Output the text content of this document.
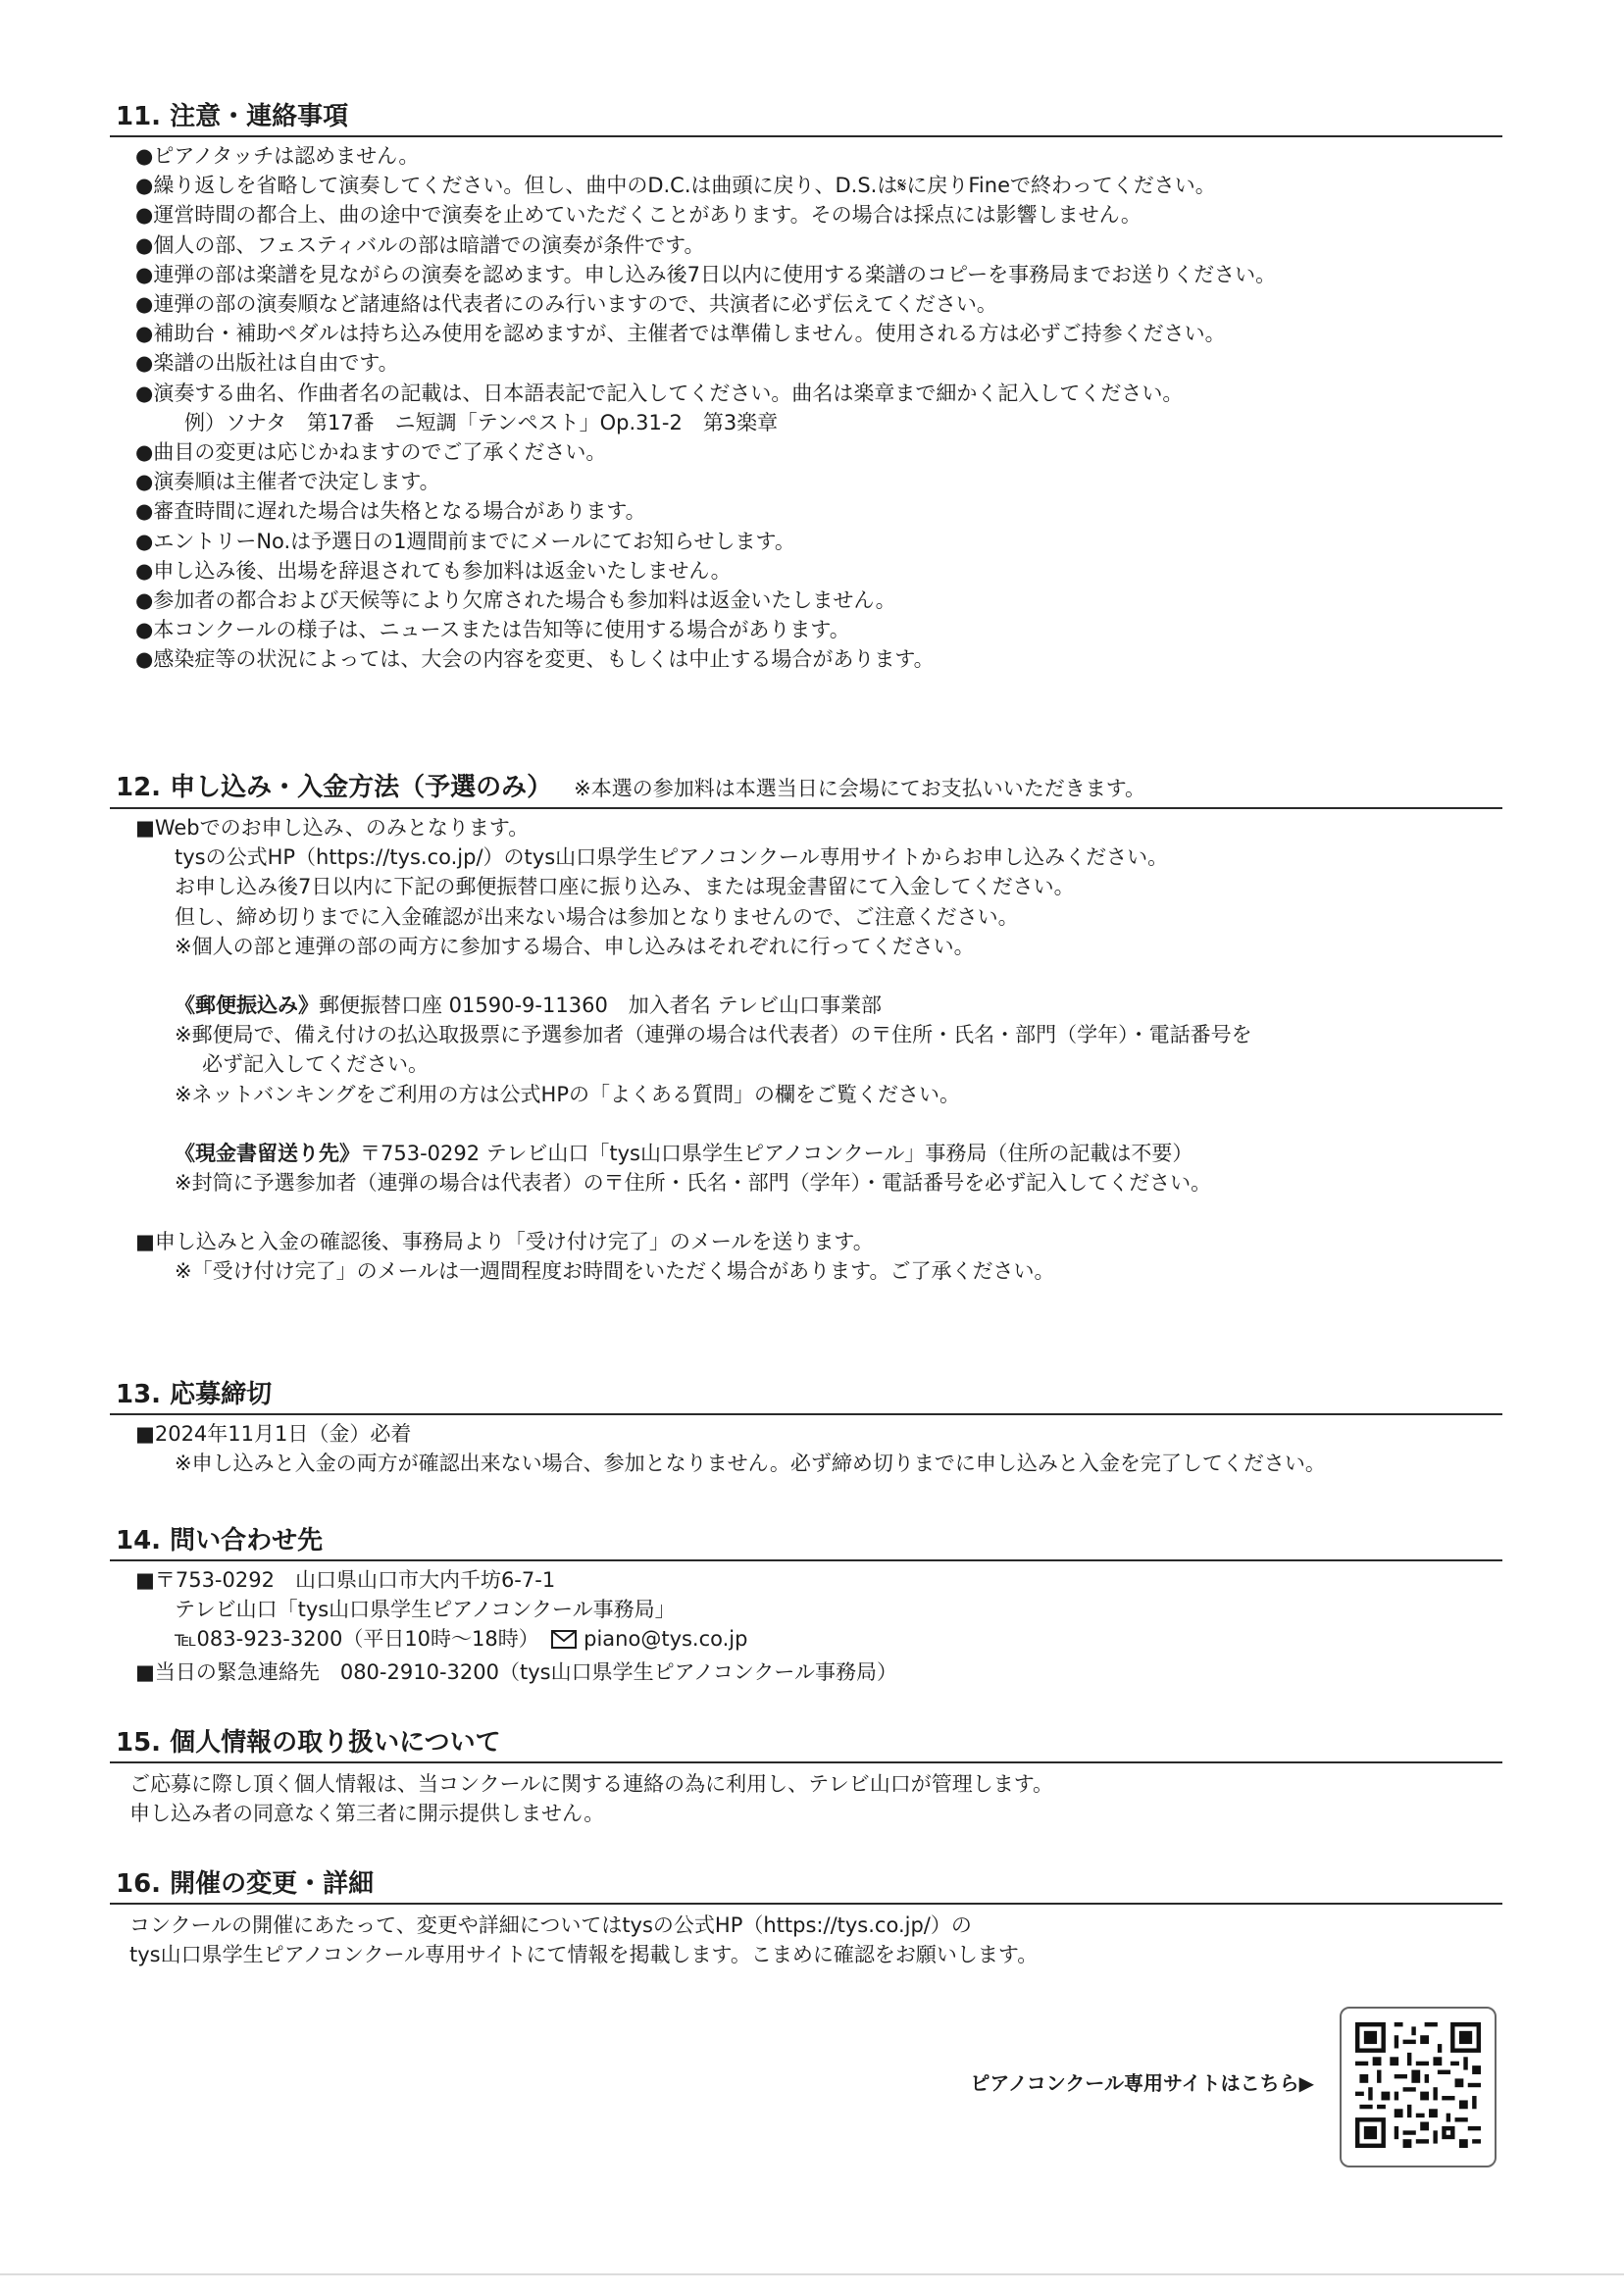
11. 注意・連絡事項
●ピアノタッチは認めません。
●繰り返しを省略して演奏してください。但し、曲中のD.C.は曲頭に戻り、D.S.は𝄋に戻りFineで終わってください。
●運営時間の都合上、曲の途中で演奏を止めていただくことがあります。その場合は採点には影響しません。
●個人の部、フェスティバルの部は暗譜での演奏が条件です。
●連弾の部は楽譜を見ながらの演奏を認めます。申し込み後7日以内に使用する楽譜のコピーを事務局までお送りください。
●連弾の部の演奏順など諸連絡は代表者にのみ行いますので、共演者に必ず伝えてください。
●補助台・補助ペダルは持ち込み使用を認めますが、主催者では準備しません。使用される方は必ずご持参ください。
●楽譜の出版社は自由です。
●演奏する曲名、作曲者名の記載は、日本語表記で記入してください。曲名は楽章まで細かく記入してください。
例）ソナタ　第17番　ニ短調「テンペスト」Op.31-2　第3楽章
●曲目の変更は応じかねますのでご了承ください。
●演奏順は主催者で決定します。
●審査時間に遅れた場合は失格となる場合があります。
●エントリーNo.は予選日の1週間前までにメールにてお知らせします。
●申し込み後、出場を辞退されても参加料は返金いたしません。
●参加者の都合および天候等により欠席された場合も参加料は返金いたしません。
●本コンクールの様子は、ニュースまたは告知等に使用する場合があります。
●感染症等の状況によっては、大会の内容を変更、もしくは中止する場合があります。
12. 申し込み・入金方法（予選のみ） ※本選の参加料は本選当日に会場にてお支払いいただきます。
■Webでのお申し込み、のみとなります。
tysの公式HP（https://tys.co.jp/）のtys山口県学生ピアノコンクール専用サイトからお申し込みください。
お申し込み後7日以内に下記の郵便振替口座に振り込み、または現金書留にて入金してください。
但し、締め切りまでに入金確認が出来ない場合は参加となりませんので、ご注意ください。
※個人の部と連弾の部の両方に参加する場合、申し込みはそれぞれに行ってください。
《郵便振込み》郵便振替口座 01590-9-11360　加入者名 テレビ山口事業部
※郵便局で、備え付けの払込取扱票に予選参加者（連弾の場合は代表者）の〒住所・氏名・部門（学年）・電話番号を
必ず記入してください。
※ネットバンキングをご利用の方は公式HPの「よくある質問」の欄をご覧ください。
《現金書留送り先》〒753-0292 テレビ山口「tys山口県学生ピアノコンクール」事務局（住所の記載は不要）
※封筒に予選参加者（連弾の場合は代表者）の〒住所・氏名・部門（学年）・電話番号を必ず記入してください。
■申し込みと入金の確認後、事務局より「受け付け完了」のメールを送ります。
※「受け付け完了」のメールは一週間程度お時間をいただく場合があります。ご了承ください。
13. 応募締切
■2024年11月1日（金）必着
※申し込みと入金の両方が確認出来ない場合、参加となりません。必ず締め切りまでに申し込みと入金を完了してください。
14. 問い合わせ先
■〒753-0292　山口県山口市大内千坊6-7-1
テレビ山口「tys山口県学生ピアノコンクール事務局」
℡083-923-3200（平日10時〜18時） piano@tys.co.jp
■当日の緊急連絡先　080-2910-3200（tys山口県学生ピアノコンクール事務局）
15. 個人情報の取り扱いについて
ご応募に際し頂く個人情報は、当コンクールに関する連絡の為に利用し、テレビ山口が管理します。
申し込み者の同意なく第三者に開示提供しません。
16. 開催の変更・詳細
コンクールの開催にあたって、変更や詳細についてはtysの公式HP（https://tys.co.jp/）の
tys山口県学生ピアノコンクール専用サイトにて情報を掲載します。こまめに確認をお願いします。
ピアノコンクール専用サイトはこちら▶
